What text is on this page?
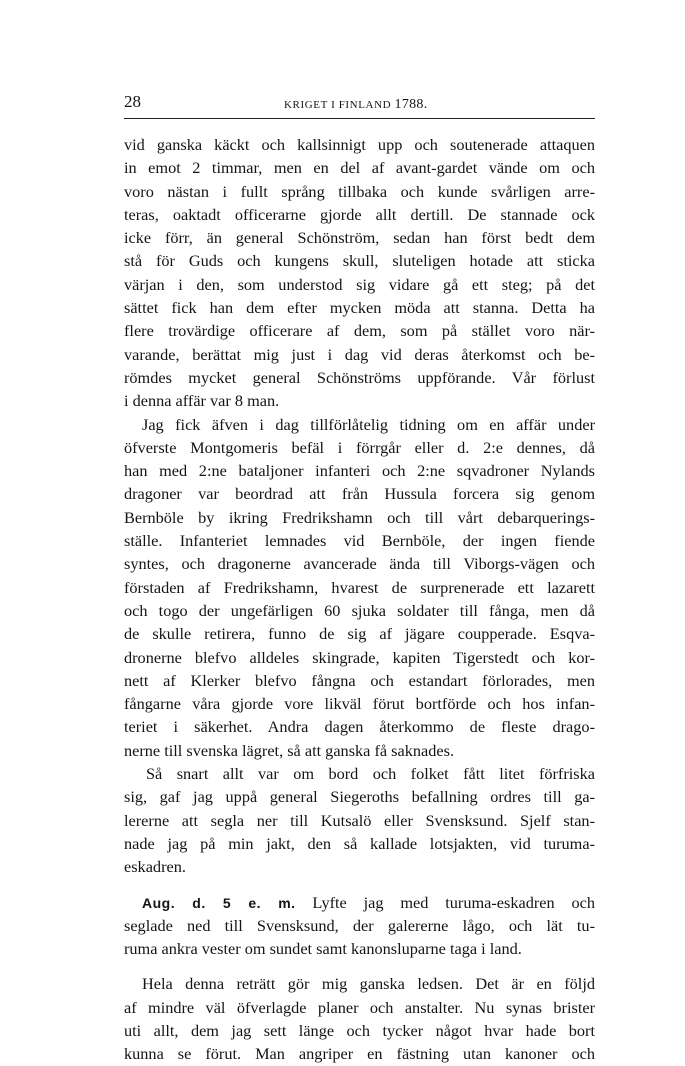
28	KRIGET I FINLAND 1788.
vid ganska käckt och kallsinnigt upp och soutenerade attaquen
in emot 2 timmar, men en del af avant-gardet vände om och
voro nästan i fullt språng tillbaka och kunde svårligen arre-
teras, oaktadt officerarne gjorde allt dertill. De stannade ock
icke förr, än general Schönström, sedan han först bedt dem
stå för Guds och kungens skull, sluteligen hotade att sticka
värjan i den, som understod sig vidare gå ett steg; på det
sättet fick han dem efter mycken möda att stanna. Detta ha
flere trovärdige officerare af dem, som på stället voro när-
varande, berättat mig just i dag vid deras återkomst och be-
römdes mycket general Schönströms uppförande. Vår förlust
i denna affär var 8 man.
Jag fick äfven i dag tillförlåtelig tidning om en affär under
öfverste Montgomeris befäl i förrgår eller d. 2:e dennes, då
han med 2:ne bataljoner infanteri och 2:ne sqvadroner Nylands
dragoner var beordrad att från Hussula forcera sig genom
Bernböle by ikring Fredrikshamn och till vårt debarquerings-
ställe. Infanteriet lemnades vid Bernböle, der ingen fiende
syntes, och dragonerne avancerade ända till Viborgs-vägen och
förstaden af Fredrikshamn, hvarest de surprenerade ett lazarett
och togo der ungefärligen 60 sjuka soldater till fånga, men då
de skulle retirera, funno de sig af jägare coupperade. Esqva-
dronerne blefvo alldeles skingrade, kapiten Tigerstedt och kor-
nett af Klerker blefvo fångna och estandart förlorades, men
fångarne våra gjorde vore likväl förut bortförde och hos infan-
teriet i säkerhet. Andra dagen återkommo de fleste drago-
nerne till svenska lägret, så att ganska få saknades.
Så snart allt var om bord och folket fått litet förfriska
sig, gaf jag uppå general Siegeroths befallning ordres till ga-
lererne att segla ner till Kutsalö eller Svensksund. Sjelf stan-
nade jag på min jakt, den så kallade lotsjakten, vid turuma-
eskadren.
Aug. d. 5 e. m. Lyfte jag med turuma-eskadren och
seglade ned till Svensksund, der galererne lågo, och lät tu-
ruma ankra vester om sundet samt kanonsluparne taga i land.
Hela denna reträtt gör mig ganska ledsen. Det är en följd
af mindre väl öfverlagde planer och anstalter. Nu synas brister
uti allt, dem jag sett länge och tycker något hvar hade bort
kunna se förut. Man angriper en fästning utan kanoner och
